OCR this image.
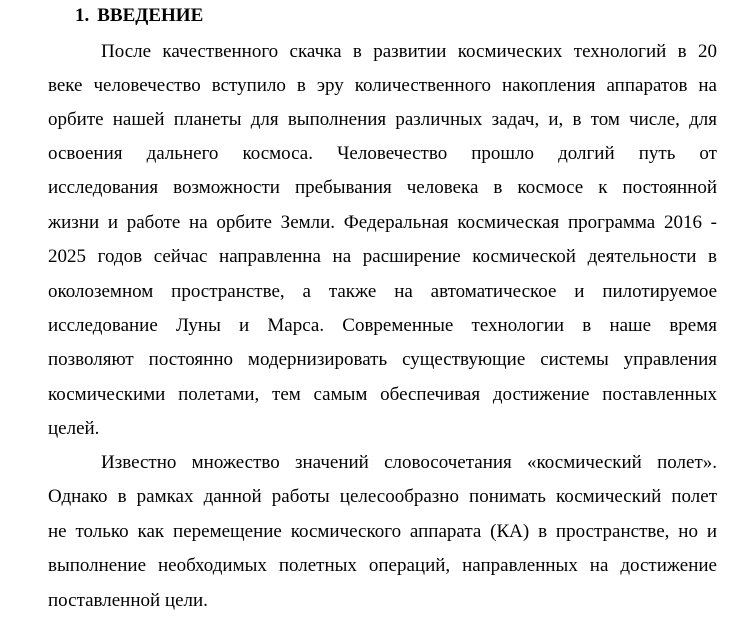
1. ВВЕДЕНИЕ
После качественного скачка в развитии космических технологий в 20
веке человечество вступило в эру количественного накопления аппаратов на
орбите нашей планеты для выполнения различных задач, и, в том числе, для
освоения дальнего космоса. Человечество прошло долгий путь от
исследования возможности пребывания человека в космосе к постоянной
жизни и работе на орбите Земли. Федеральная космическая программа 2016 -
2025 годов сейчас направленна на расширение космической деятельности в
околоземном пространстве, а также на автоматическое и пилотируемое
исследование Луны и Марса. Современные технологии в наше время
позволяют постоянно модернизировать существующие системы управления
космическими полетами, тем самым обеспечивая достижение поставленных
целей.
Известно множество значений словосочетания «космический полет».
Однако в рамках данной работы целесообразно понимать космический полет
не только как перемещение космического аппарата (КА) в пространстве, но и
выполнение необходимых полетных операций, направленных на достижение
поставленной цели.
